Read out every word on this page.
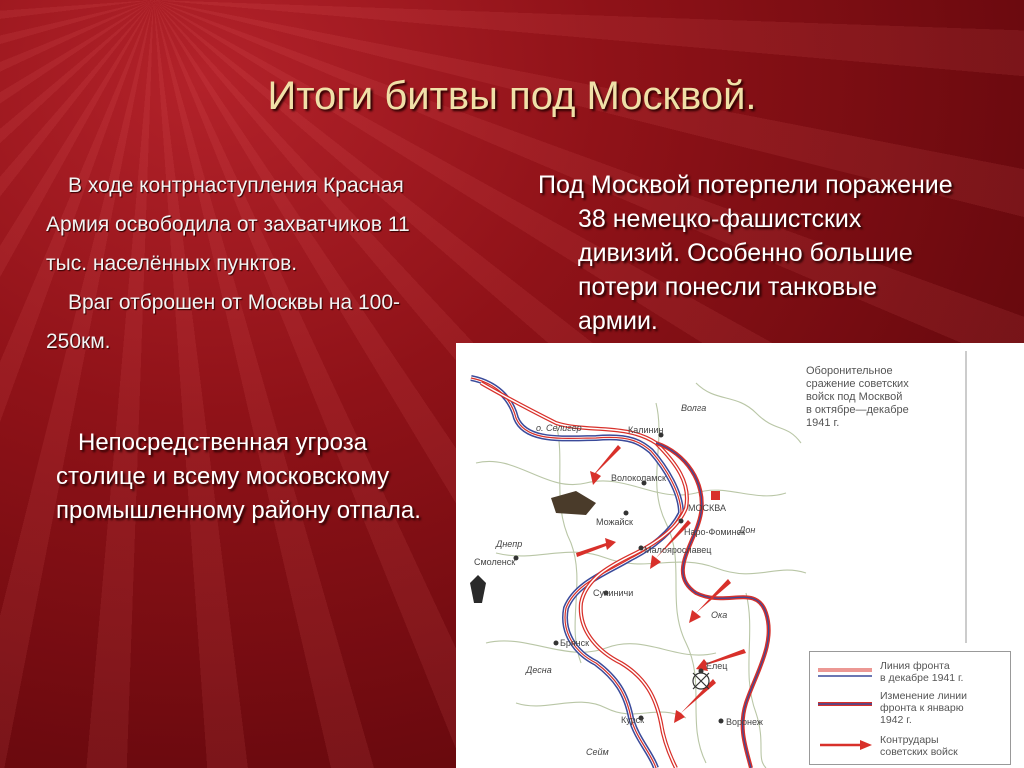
Итоги битвы под Москвой.

В ходе контрнаступления Красная Армия освободила от захватчиков 11 тыс. населённых пунктов.

Враг отброшен от Москвы на 100-250км.

Непосредственная угроза столице и всему московскому промышленному району отпала.

Под Москвой потерпели поражение 38 немецко-фашистских дивизий. Особенно большие потери понесли танковые армии.

Калинин
Волоколамск
МОСКВА
Можайск
Наро-Фоминск
Малоярославец
Сухиничи
Смоленск
Брянск
Курск	Воронеж
Елец
о. Селигер
Ока
Волга
Днепр
Дон
Десна
Сейм
Оборонительное
сражение советских
войск под Москвой
в октябре—декабре
1941 г.
Линия фронта
в декабре 1941 г.
Изменение линии
фронта к январю
1942 г.
Контрудары
советских войск
